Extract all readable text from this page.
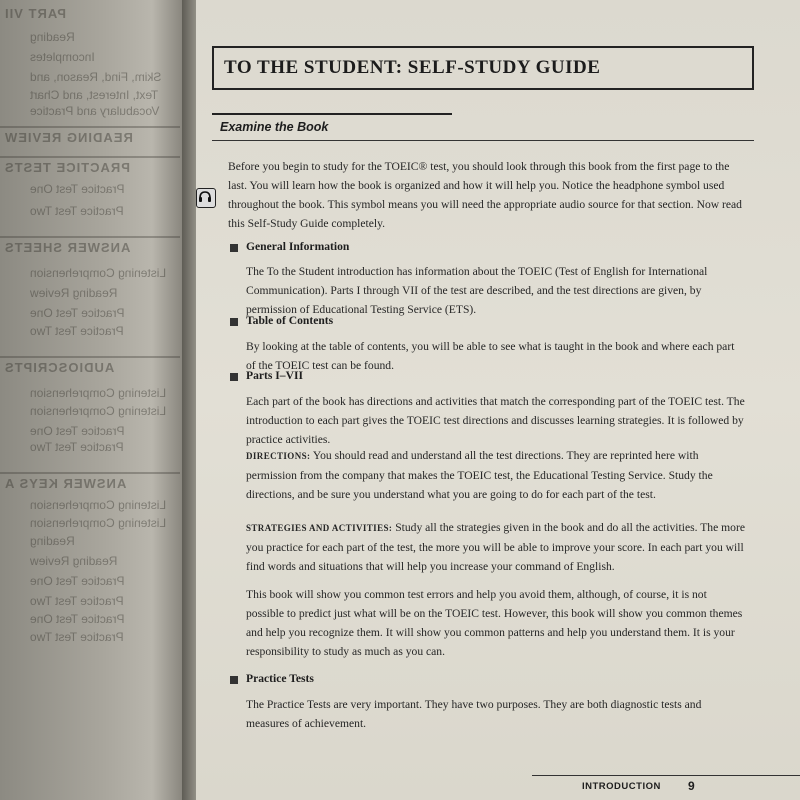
PART VII
Reading
Incompletes
Skim, Find, Reason, and
Text, Interest, and Chart
Vocabulary and Practice
READING REVIEW
PRACTICE TESTS
Practice Test One
Practice Test Two
ANSWER SHEETS
Listening Comprehension
Reading Review
Practice Test One
Practice Test Two
AUDIOSCRIPTS
Listening Comprehension
Listening Comprehension
Practice Test One
Practice Test Two
ANSWER KEYS A
Listening Comprehension
Listening Comprehension
Reading
Reading Review
Practice Test One
Practice Test Two
Practice Test One
Practice Test Two
TO THE STUDENT: SELF-STUDY GUIDE
Examine the Book
Before you begin to study for the TOEIC® test, you should look through this book from the first page to the last. You will learn how the book is organized and how it will help you. Notice the headphone symbol used throughout the book. This symbol means you will need the appropriate audio source for that section. Now read this Self-Study Guide completely.
General Information
The To the Student introduction has information about the TOEIC (Test of English for International Communication). Parts I through VII of the test are described, and the test directions are given, by permission of Educational Testing Service (ETS).
Table of Contents
By looking at the table of contents, you will be able to see what is taught in the book and where each part of the TOEIC test can be found.
Parts I–VII
Each part of the book has directions and activities that match the corresponding part of the TOEIC test. The introduction to each part gives the TOEIC test directions and discusses learning strategies. It is followed by practice activities.
DIRECTIONS: You should read and understand all the test directions. They are reprinted here with permission from the company that makes the TOEIC test, the Educational Testing Service. Study the directions, and be sure you understand what you are going to do for each part of the test.
STRATEGIES AND ACTIVITIES: Study all the strategies given in the book and do all the activities. The more you practice for each part of the test, the more you will be able to improve your score. In each part you will find words and situations that will help you increase your command of English.
This book will show you common test errors and help you avoid them, although, of course, it is not possible to predict just what will be on the TOEIC test. However, this book will show you common themes and help you recognize them. It will show you common patterns and help you understand them. It is your responsibility to study as much as you can.
Practice Tests
The Practice Tests are very important. They have two purposes. They are both diagnostic tests and measures of achievement.
INTRODUCTION 9
